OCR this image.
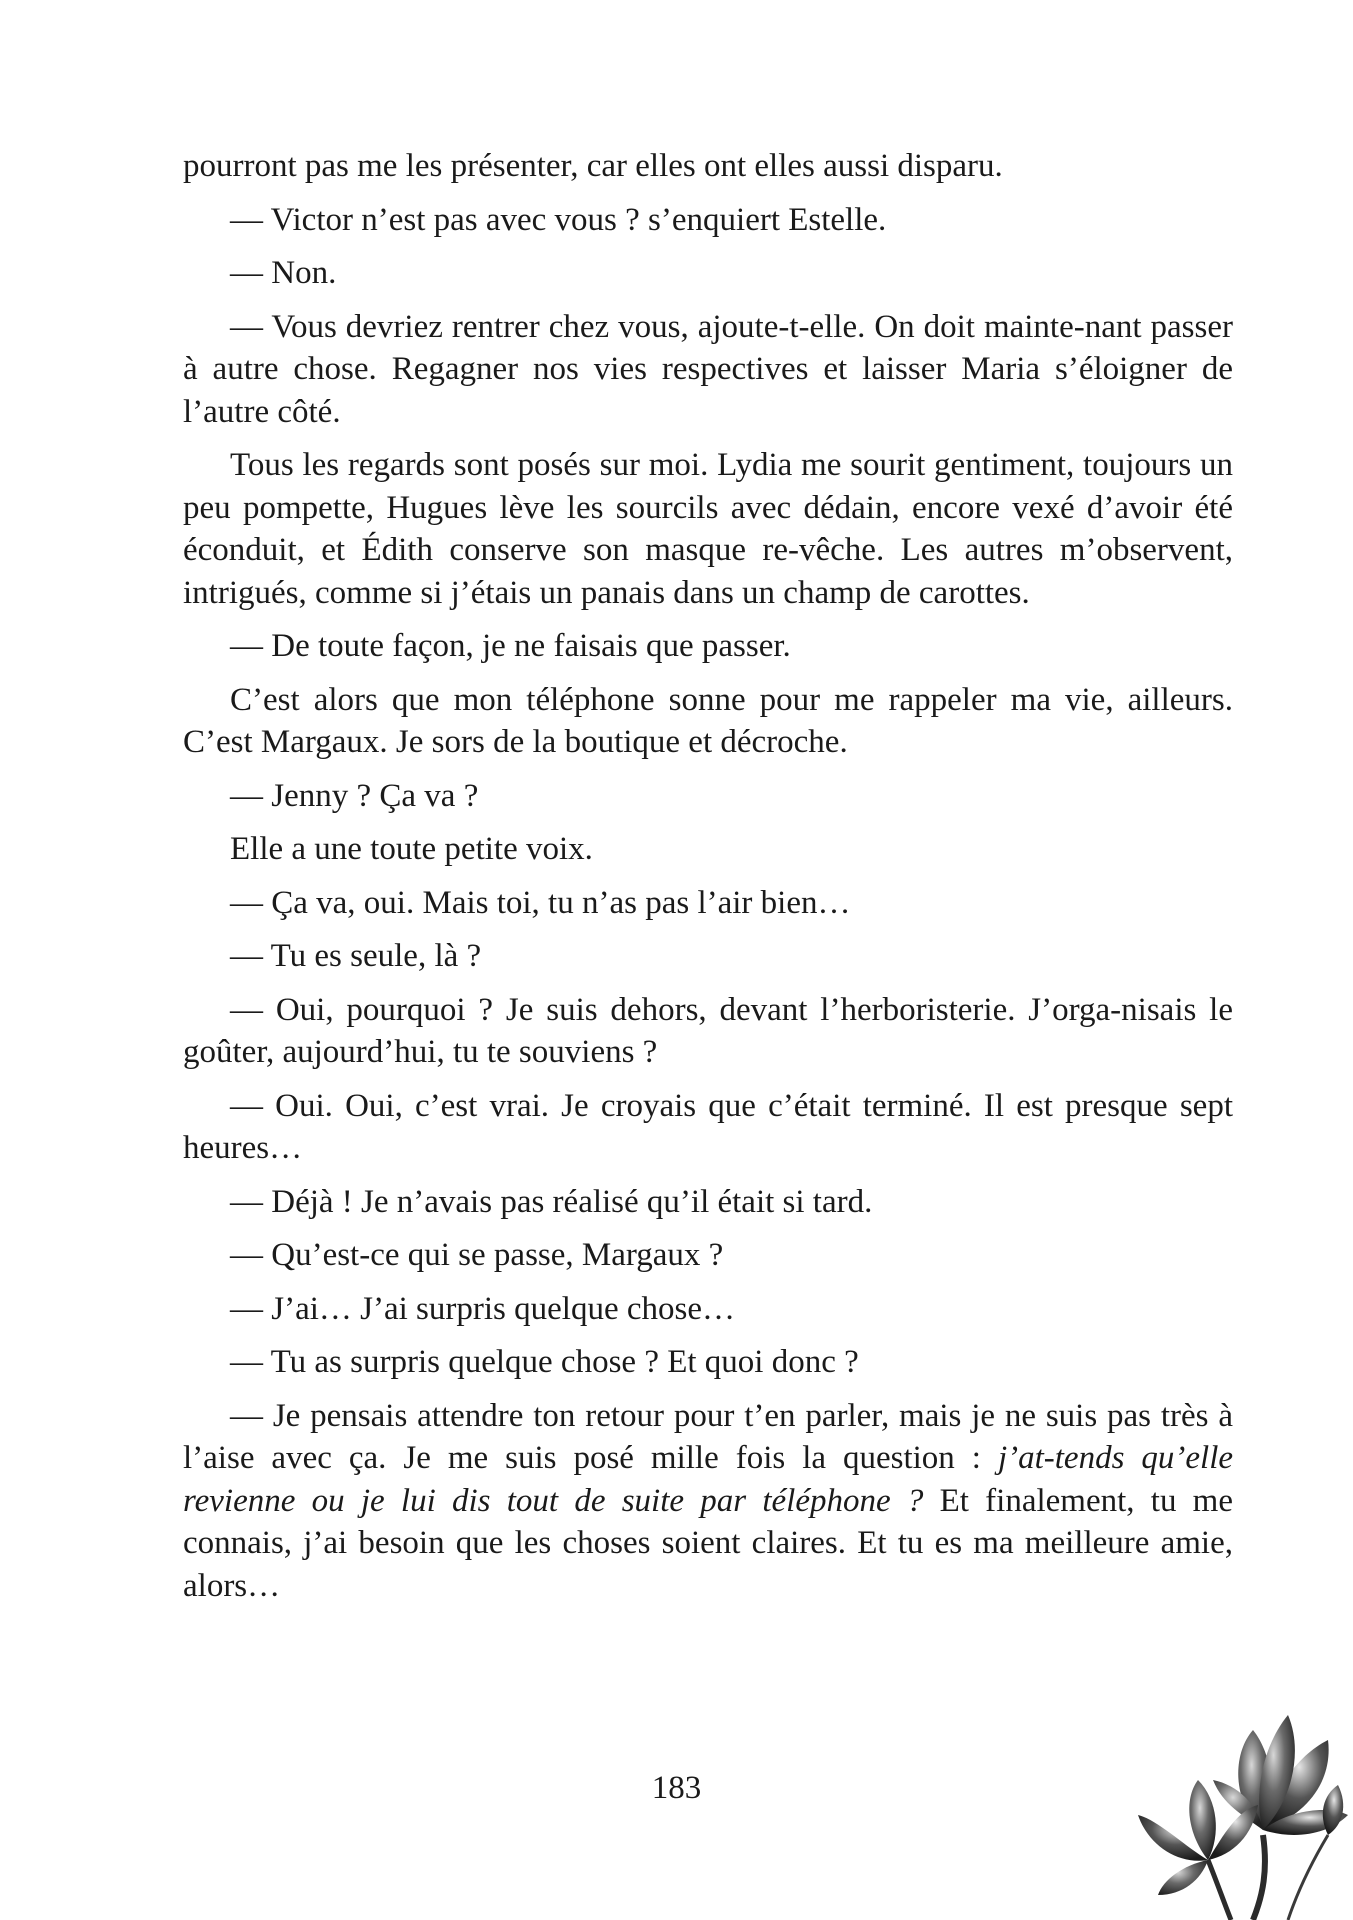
pourront pas me les présenter, car elles ont elles aussi disparu.

— Victor n’est pas avec vous ? s’enquiert Estelle.

— Non.

— Vous devriez rentrer chez vous, ajoute-t-elle. On doit mainte-nant passer à autre chose. Regagner nos vies respectives et laisser Maria s’éloigner de l’autre côté.

Tous les regards sont posés sur moi. Lydia me sourit gentiment, toujours un peu pompette, Hugues lève les sourcils avec dédain, encore vexé d’avoir été éconduit, et Édith conserve son masque re-vêche. Les autres m’observent, intrigués, comme si j’étais un panais dans un champ de carottes.

— De toute façon, je ne faisais que passer.

C’est alors que mon téléphone sonne pour me rappeler ma vie, ailleurs. C’est Margaux. Je sors de la boutique et décroche.

— Jenny ? Ça va ?

Elle a une toute petite voix.

— Ça va, oui. Mais toi, tu n’as pas l’air bien…

— Tu es seule, là ?

— Oui, pourquoi ? Je suis dehors, devant l’herboristerie. J’orga-nisais le goûter, aujourd’hui, tu te souviens ?

— Oui. Oui, c’est vrai. Je croyais que c’était terminé. Il est presque sept heures…

— Déjà ! Je n’avais pas réalisé qu’il était si tard.

— Qu’est-ce qui se passe, Margaux ?

— J’ai… J’ai surpris quelque chose…

— Tu as surpris quelque chose ? Et quoi donc ?

— Je pensais attendre ton retour pour t’en parler, mais je ne suis pas très à l’aise avec ça. Je me suis posé mille fois la question : j’at-tends qu’elle revienne ou je lui dis tout de suite par téléphone ? Et finalement, tu me connais, j’ai besoin que les choses soient claires. Et tu es ma meilleure amie, alors…

183
